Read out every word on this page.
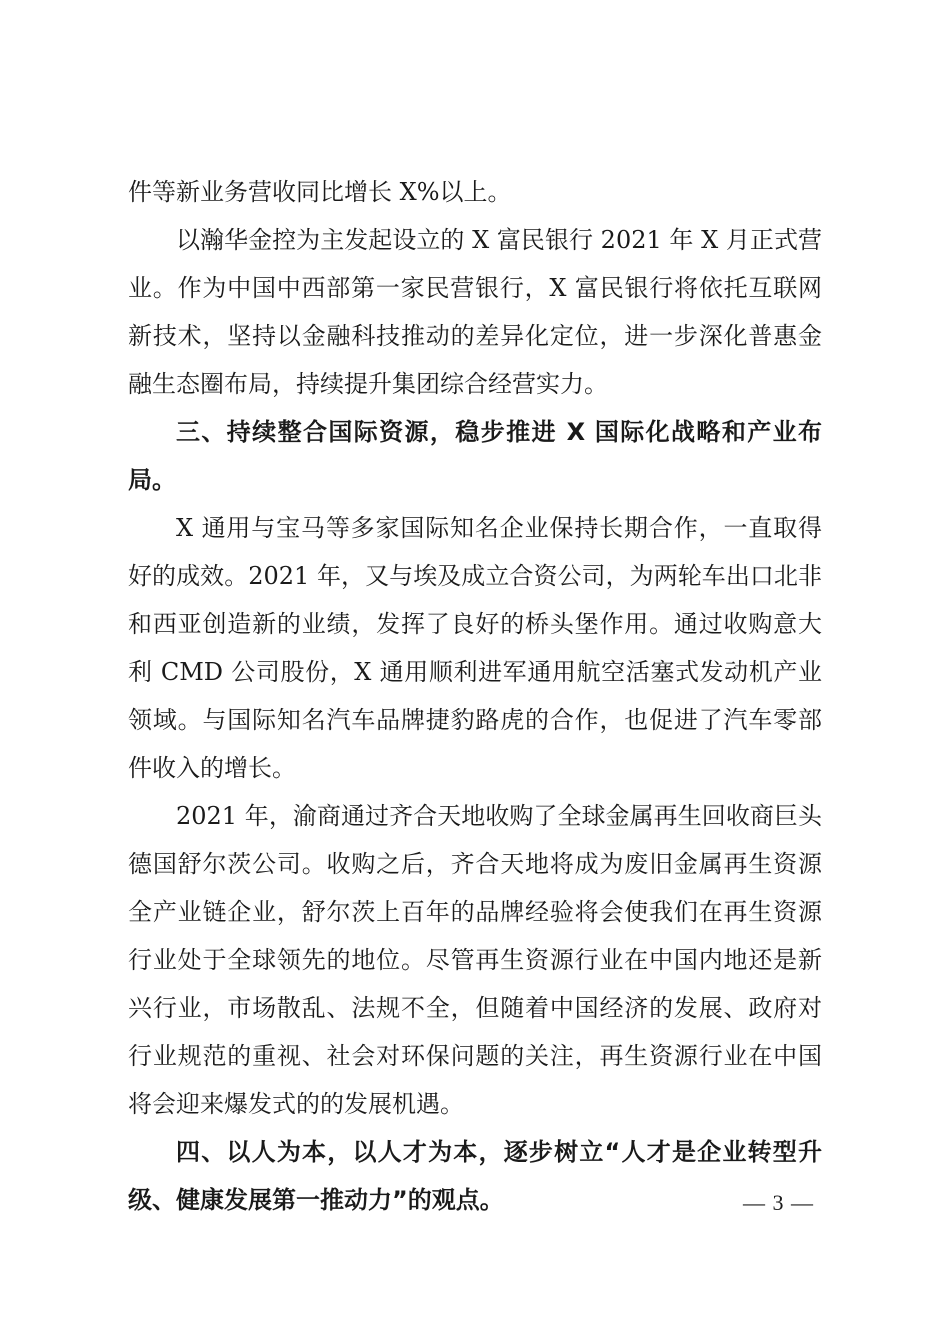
件等新业务营收同比增长 X%以上。

以瀚华金控为主发起设立的 X 富民银行 2021 年 X 月正式营业。作为中国中西部第一家民营银行，X 富民银行将依托互联网新技术，坚持以金融科技推动的差异化定位，进一步深化普惠金融生态圈布局，持续提升集团综合经营实力。

三、持续整合国际资源，稳步推进 X 国际化战略和产业布局。

X 通用与宝马等多家国际知名企业保持长期合作，一直取得好的成效。2021 年，又与埃及成立合资公司，为两轮车出口北非和西亚创造新的业绩，发挥了良好的桥头堡作用。通过收购意大利 CMD 公司股份，X 通用顺利进军通用航空活塞式发动机产业领域。与国际知名汽车品牌捷豹路虎的合作，也促进了汽车零部件收入的增长。

2021 年，渝商通过齐合天地收购了全球金属再生回收商巨头德国舒尔茨公司。收购之后，齐合天地将成为废旧金属再生资源全产业链企业，舒尔茨上百年的品牌经验将会使我们在再生资源行业处于全球领先的地位。尽管再生资源行业在中国内地还是新兴行业，市场散乱、法规不全，但随着中国经济的发展、政府对行业规范的重视、社会对环保问题的关注，再生资源行业在中国将会迎来爆发式的的发展机遇。

四、以人为本，以人才为本，逐步树立“人才是企业转型升级、健康发展第一推动力”的观点。	— 3 —
